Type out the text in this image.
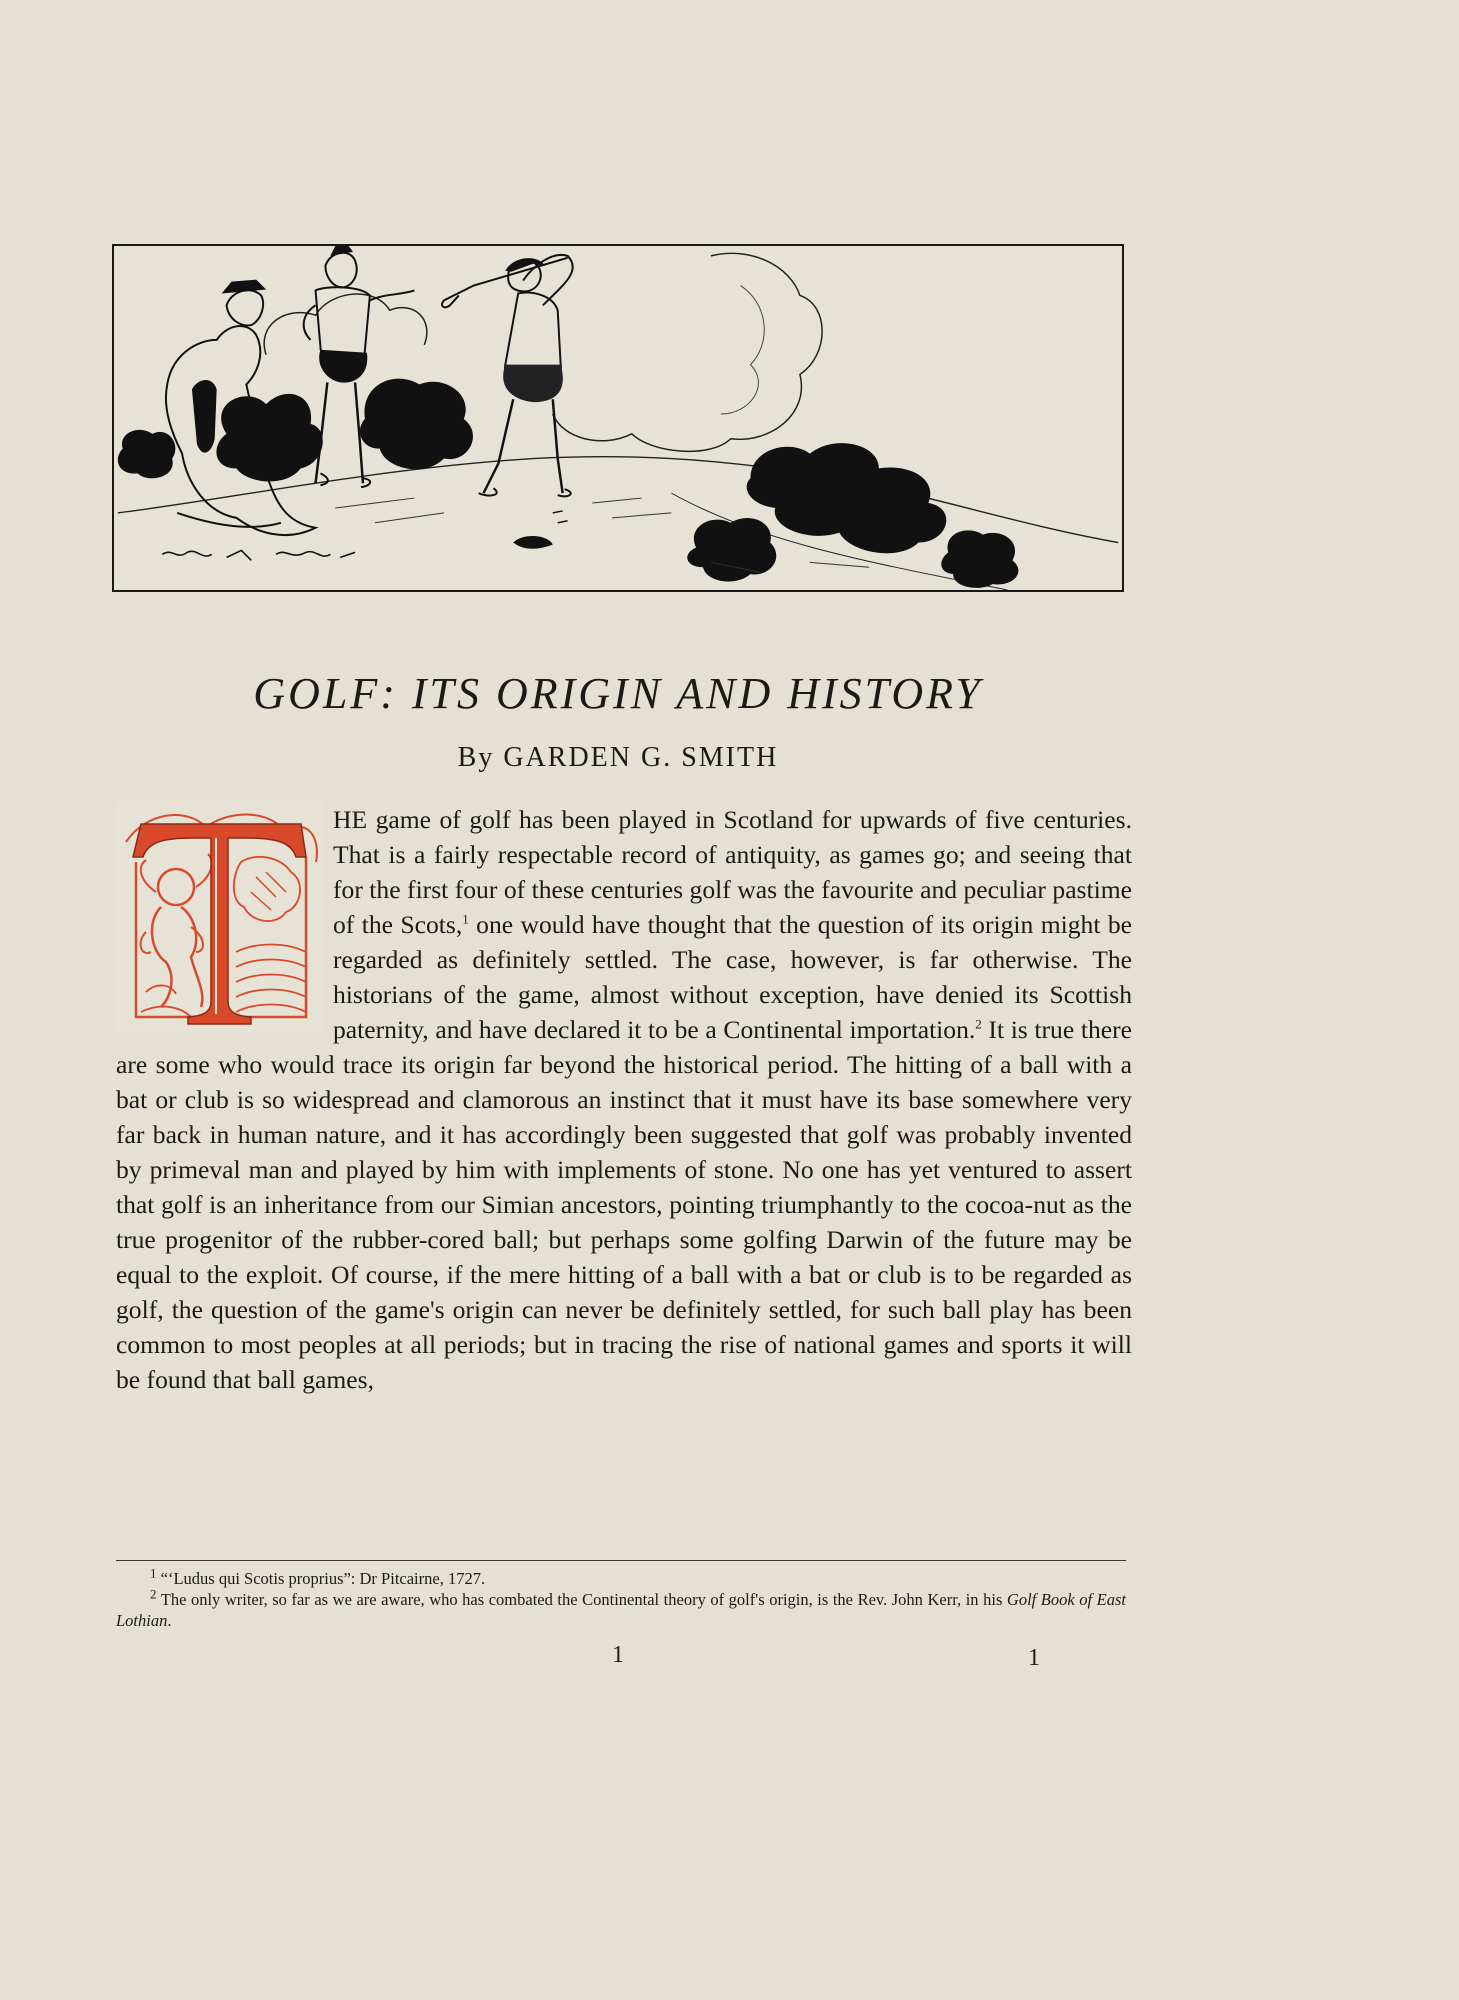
GOLF: ITS ORIGIN AND HISTORY

By GARDEN G. SMITH

HE game of golf has been played in Scotland for upwards of five centuries. That is a fairly respectable record of antiquity, as games go; and seeing that for the first four of these centuries golf was the favourite and peculiar pastime of the Scots,$^1$ one would have thought that the question of its origin might be regarded as definitely settled. The case, however, is far otherwise. The historians of the game, almost without exception, have denied its Scottish paternity, and have declared it to be a Continental importation.$^2$ It is true there are some who would trace its origin far beyond the historical period. The hitting of a ball with a bat or club is so widespread and clamorous an instinct that it must have its base somewhere very far back in human nature, and it has accordingly been suggested that golf was probably invented by primeval man and played by him with implements of stone. No one has yet ventured to assert that golf is an inheritance from our Simian ancestors, pointing triumphantly to the cocoa-nut as the true progenitor of the rubber-cored ball; but perhaps some golfing Darwin of the future may be equal to the exploit. Of course, if the mere hitting of a ball with a bat or club is to be regarded as golf, the question of the game's origin can never be definitely settled, for such ball play has been common to most peoples at all periods; but in tracing the rise of national games and sports it will be found that ball games,

$^1$ “‘Ludus qui Scotis proprius”: Dr Pitcairne, 1727.

$^2$ The only writer, so far as we are aware, who has combated the Continental theory of golf's origin, is the Rev. John Kerr, in his Golf Book of East Lothian.

1	1
